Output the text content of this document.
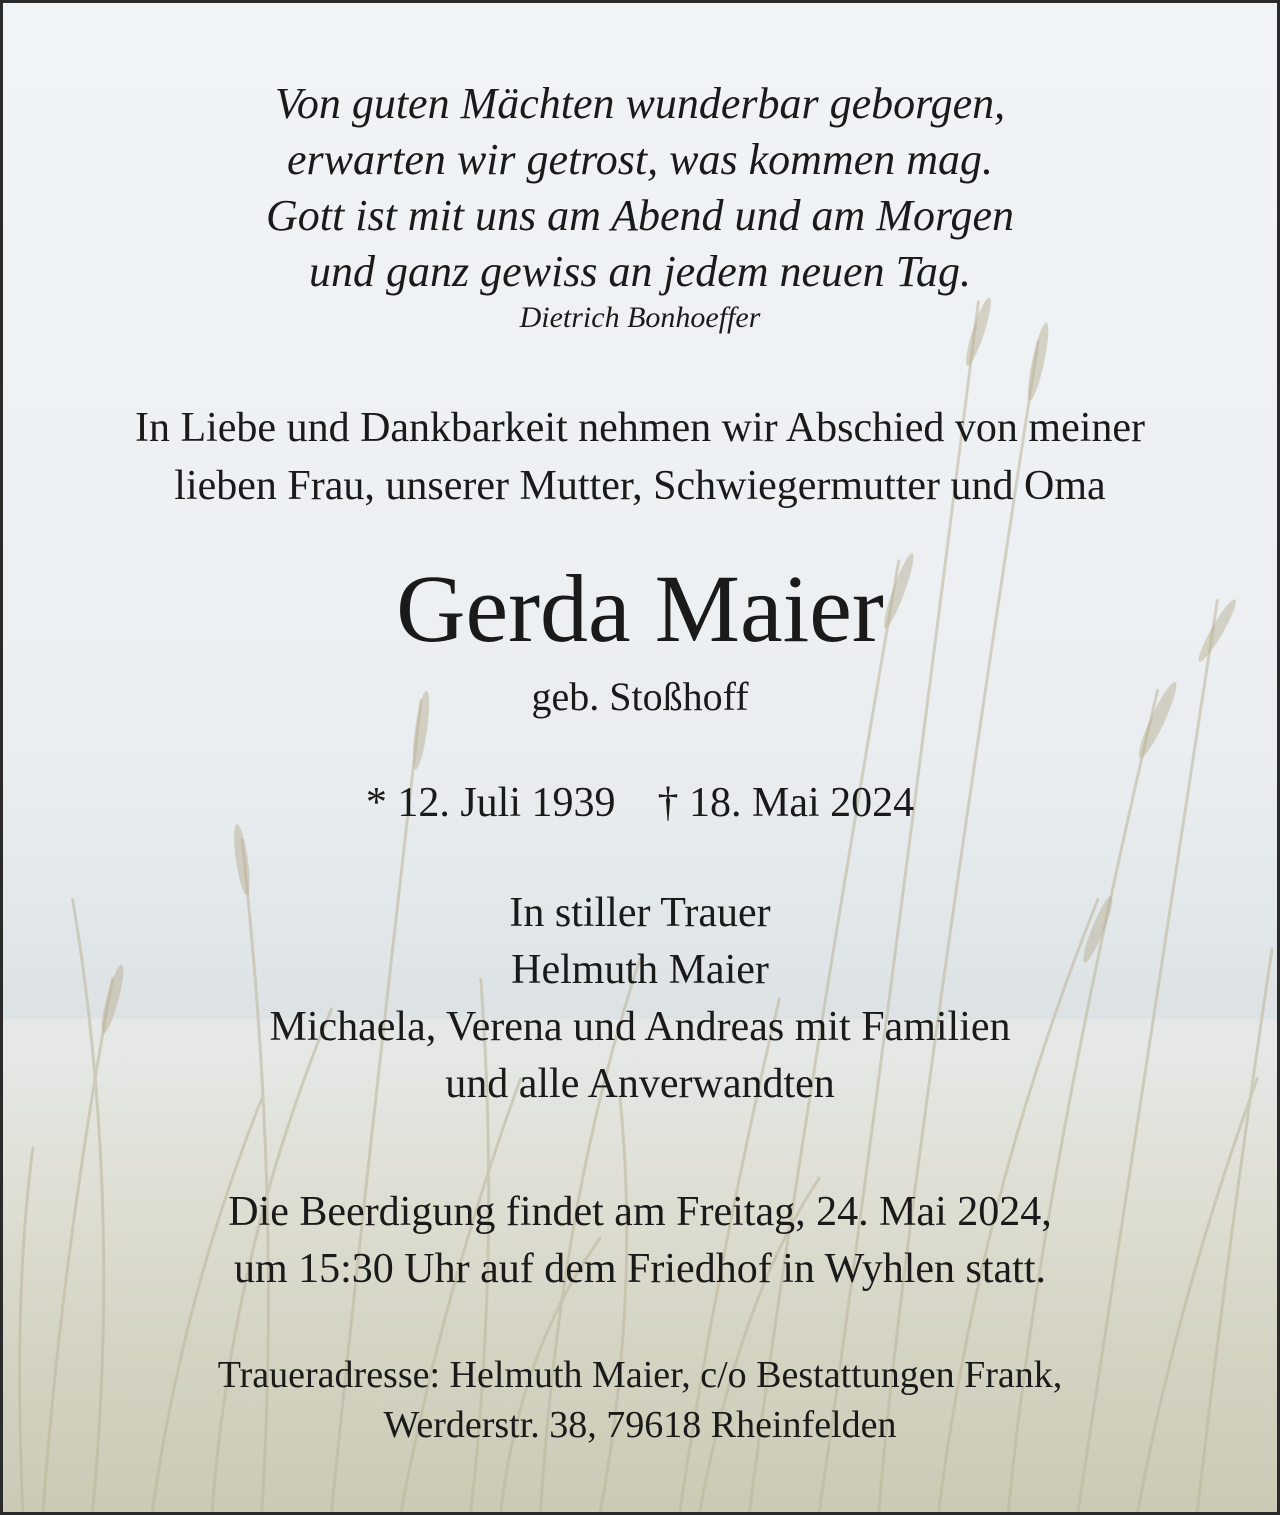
Von guten Mächten wunderbar geborgen,
erwarten wir getrost, was kommen mag.
Gott ist mit uns am Abend und am Morgen
und ganz gewiss an jedem neuen Tag.
Dietrich Bonhoeffer
In Liebe und Dankbarkeit nehmen wir Abschied von meiner
lieben Frau, unserer Mutter, Schwiegermutter und Oma
Gerda Maier
geb. Stoßhoff
* 12. Juli 1939 † 18. Mai 2024
In stiller Trauer
Helmuth Maier
Michaela, Verena und Andreas mit Familien
und alle Anverwandten
Die Beerdigung findet am Freitag, 24. Mai 2024,
um 15:30 Uhr auf dem Friedhof in Wyhlen statt.
Traueradresse: Helmuth Maier, c/o Bestattungen Frank,
Werderstr. 38, 79618 Rheinfelden
